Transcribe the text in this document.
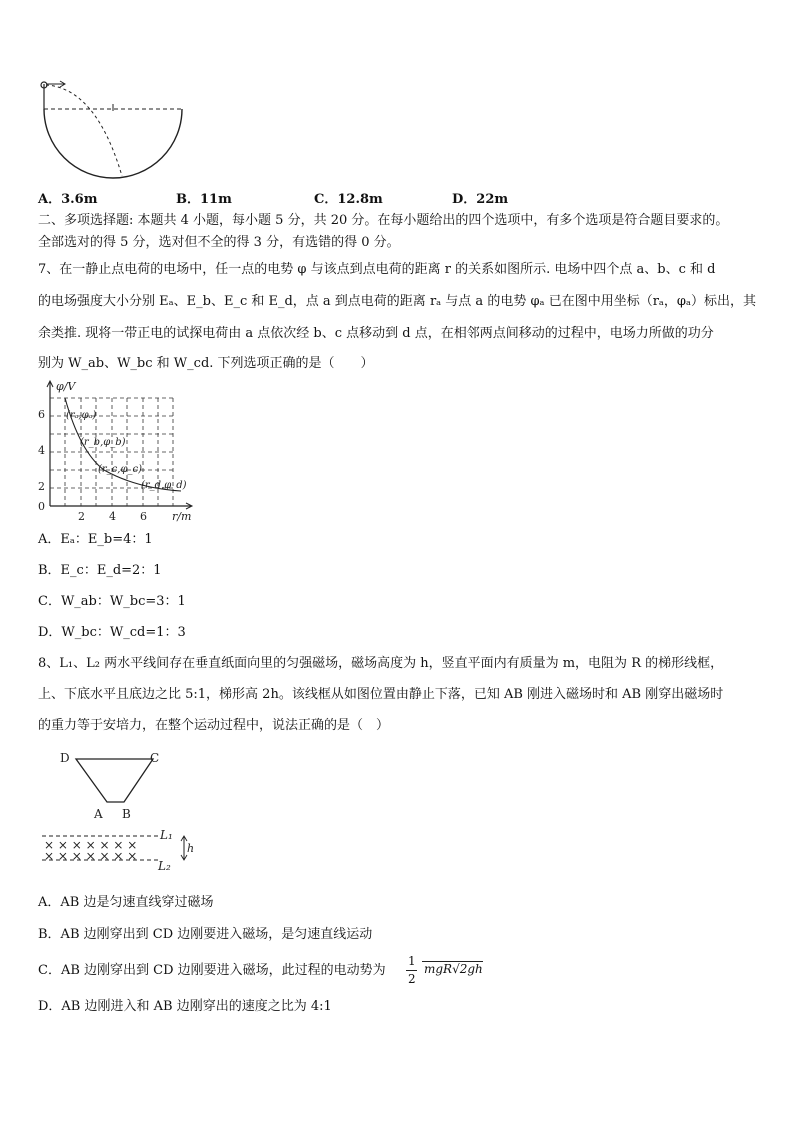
A．3.6m	B．11m	C．12.8m	D．22m
二、多项选择题: 本题共 4 小题，每小题 5 分，共 20 分。在每小题给出的四个选项中，有多个选项是符合题目要求的。
全部选对的得 5 分，选对但不全的得 3 分，有选错的得 0 分。
7、在一静止点电荷的电场中，任一点的电势 φ 与该点到点电荷的距离 r 的关系如图所示. 电场中四个点 a、b、c 和 d
的电场强度大小分别 Eₐ、E_b、E_c 和 E_d，点 a 到点电荷的距离 rₐ 与点 a 的电势 φₐ 已在图中用坐标（rₐ，φₐ）标出，其
余类推. 现将一带正电的试探电荷由 a 点依次经 b、c 点移动到 d 点，在相邻两点间移动的过程中，电场力所做的功分
别为 W_ab、W_bc 和 W_cd. 下列选项正确的是（　　）
(rₐ,φₐ)
(r_b,φ_b)
(r_c,φ_c)
(r_d,φ_d)
6
4
2
0
2 4 6
φ/V
r/m
A．Eₐ：E_b=4：1
B．E_c：E_d=2：1
C．W_ab：W_bc=3：1
D．W_bc：W_cd=1：3
8、L₁、L₂ 两水平线间存在垂直纸面向里的匀强磁场，磁场高度为 h，竖直平面内有质量为 m，电阻为 R 的梯形线框，
上、下底水平且底边之比 5:1，梯形高 2h。该线框从如图位置由静止下落，已知 AB 刚进入磁场时和 AB 刚穿出磁场时
的重力等于安培力，在整个运动过程中，说法正确的是（　）
D	C
A B
× × × × × × ×
× × × × × × ×
L₁
L₂
h
A．AB 边是匀速直线穿过磁场
B．AB 边刚穿出到 CD 边刚要进入磁场，是匀速直线运动
C．AB 边刚穿出到 CD 边刚要进入磁场，此过程的电动势为
1
2
mgR√2gh
D．AB 边刚进入和 AB 边刚穿出的速度之比为 4:1
